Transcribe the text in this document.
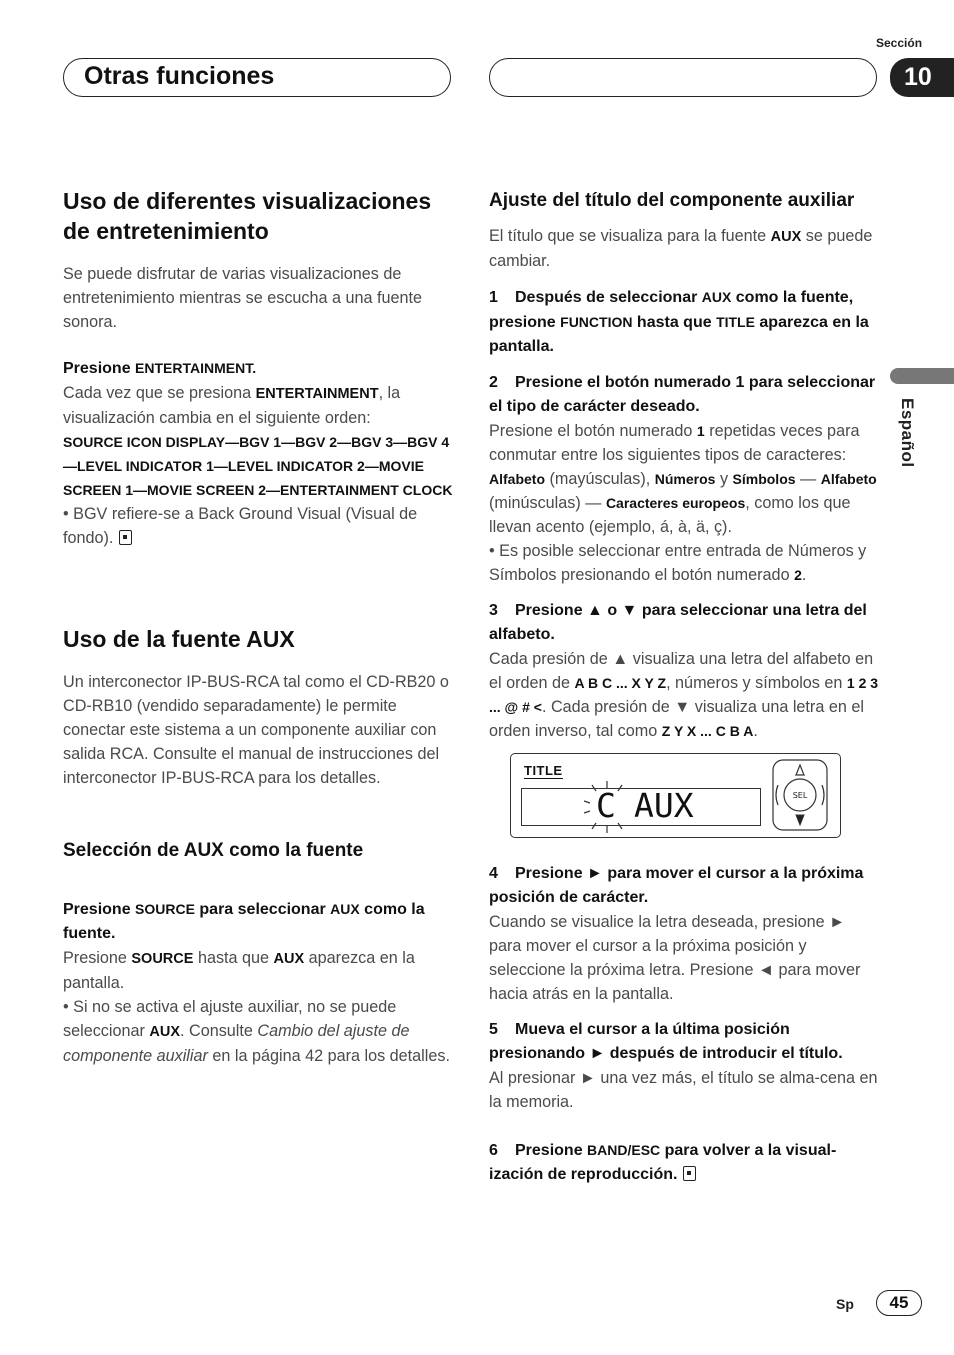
Sección
Otras funciones	10
Español
Uso de diferentes visualizaciones de entretenimiento
Se puede disfrutar de varias visualizaciones de entretenimiento mientras se escucha a una fuente sonora.
Presione ENTERTAINMENT.
Cada vez que se presiona ENTERTAINMENT, la visualización cambia en el siguiente orden:
SOURCE ICON DISPLAY—BGV 1—BGV 2—BGV 3—BGV 4—LEVEL INDICATOR 1—LEVEL INDICATOR 2—MOVIE SCREEN 1—MOVIE SCREEN 2—ENTERTAINMENT CLOCK
• BGV refiere-se a Back Ground Visual (Visual de fondo).
Uso de la fuente AUX
Un interconector IP-BUS-RCA tal como el CD-RB20 o CD-RB10 (vendido separadamente) le permite conectar este sistema a un componente auxiliar con salida RCA. Consulte el manual de instrucciones del interconector IP-BUS-RCA para los detalles.
Selección de AUX como la fuente
Presione SOURCE para seleccionar AUX como la fuente.
Presione SOURCE hasta que AUX aparezca en la pantalla.
• Si no se activa el ajuste auxiliar, no se puede seleccionar AUX. Consulte Cambio del ajuste de componente auxiliar en la página 42 para los detalles.
Ajuste del título del componente auxiliar
El título que se visualiza para la fuente AUX se puede cambiar.
1 Después de seleccionar AUX como la fuente, presione FUNCTION hasta que TITLE aparezca en la pantalla.
2 Presione el botón numerado 1 para seleccionar el tipo de carácter deseado.
Presione el botón numerado 1 repetidas veces para conmutar entre los siguientes tipos de caracteres:
Alfabeto (mayúsculas), Números y Símbolos — Alfabeto (minúsculas) — Caracteres europeos, como los que llevan acento (ejemplo, á, à, ä, ç).
• Es posible seleccionar entre entrada de Números y Símbolos presionando el botón numerado 2.
3 Presione ▲ o ▼ para seleccionar una letra del alfabeto.
Cada presión de ▲ visualiza una letra del alfabeto en el orden de A B C ... X Y Z, números y símbolos en 1 2 3 ... @ # <. Cada presión de ▼ visualiza una letra en el orden inverso, tal como Z Y X ... C B A.
TITLE
C AUX	SEL
4 Presione ► para mover el cursor a la próxima posición de carácter.
Cuando se visualice la letra deseada, presione ► para mover el cursor a la próxima posición y seleccione la próxima letra. Presione ◄ para mover hacia atrás en la pantalla.
5 Mueva el cursor a la última posición presionando ► después de introducir el título.
Al presionar ► una vez más, el título se alma-cena en la memoria.
6 Presione BAND/ESC para volver a la visual-ización de reproducción.
Sp	45
